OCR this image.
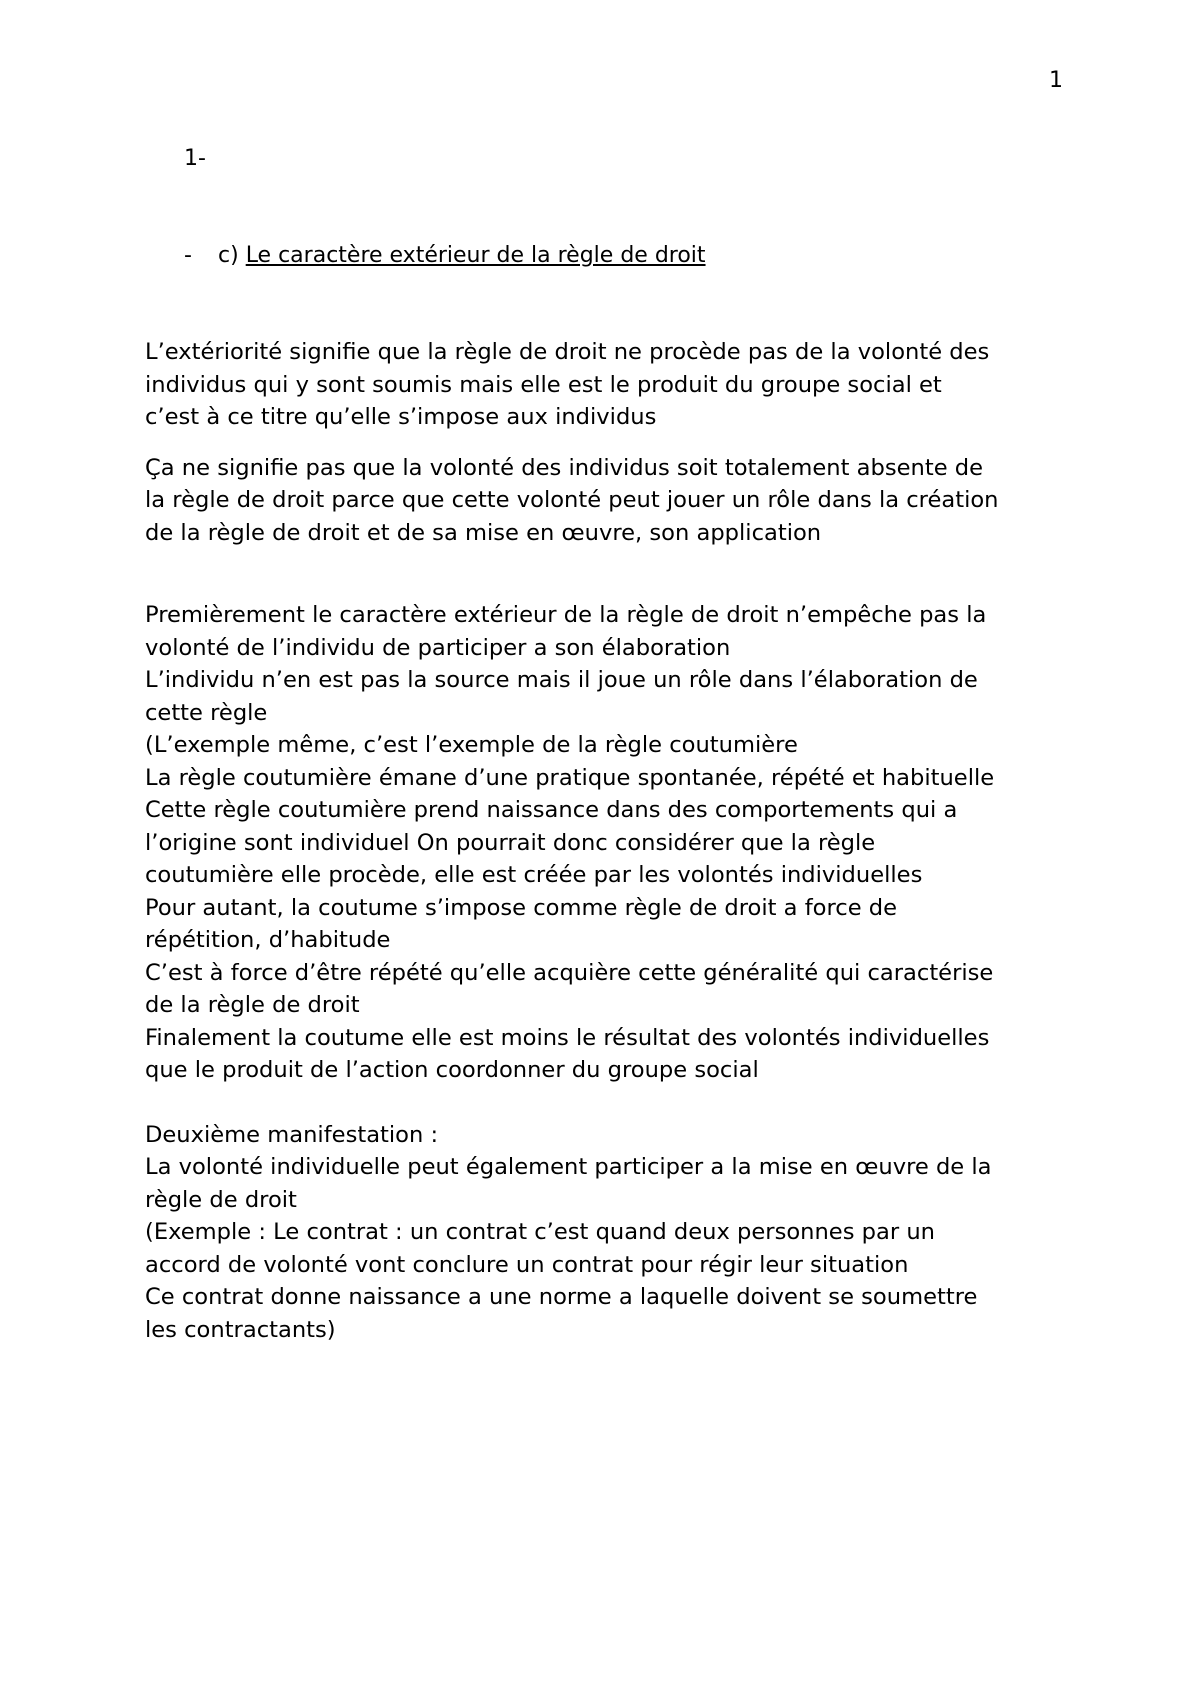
1
1-
- c) Le caractère extérieur de la règle de droit

L’extériorité signifie que la règle de droit ne procède pas de la volonté des

individus qui y sont soumis mais elle est le produit du groupe social et

c’est à ce titre qu’elle s’impose aux individus

Ça ne signifie pas que la volonté des individus soit totalement absente de

la règle de droit parce que cette volonté peut jouer un rôle dans la création

de la règle de droit et de sa mise en œuvre, son application

Premièrement le caractère extérieur de la règle de droit n’empêche pas la

volonté de l’individu de participer a son élaboration

L’individu n’en est pas la source mais il joue un rôle dans l’élaboration de

cette règle

(L’exemple même, c’est l’exemple de la règle coutumière

La règle coutumière émane d’une pratique spontanée, répété et habituelle

Cette règle coutumière prend naissance dans des comportements qui a

l’origine sont individuel On pourrait donc considérer que la règle

coutumière elle procède, elle est créée par les volontés individuelles

Pour autant, la coutume s’impose comme règle de droit a force de

répétition, d’habitude

C’est à force d’être répété qu’elle acquière cette généralité qui caractérise

de la règle de droit

Finalement la coutume elle est moins le résultat des volontés individuelles

que le produit de l’action coordonner du groupe social

Deuxième manifestation :

La volonté individuelle peut également participer a la mise en œuvre de la

règle de droit

(Exemple : Le contrat : un contrat c’est quand deux personnes par un

accord de volonté vont conclure un contrat pour régir leur situation

Ce contrat donne naissance a une norme a laquelle doivent se soumettre

les contractants)
